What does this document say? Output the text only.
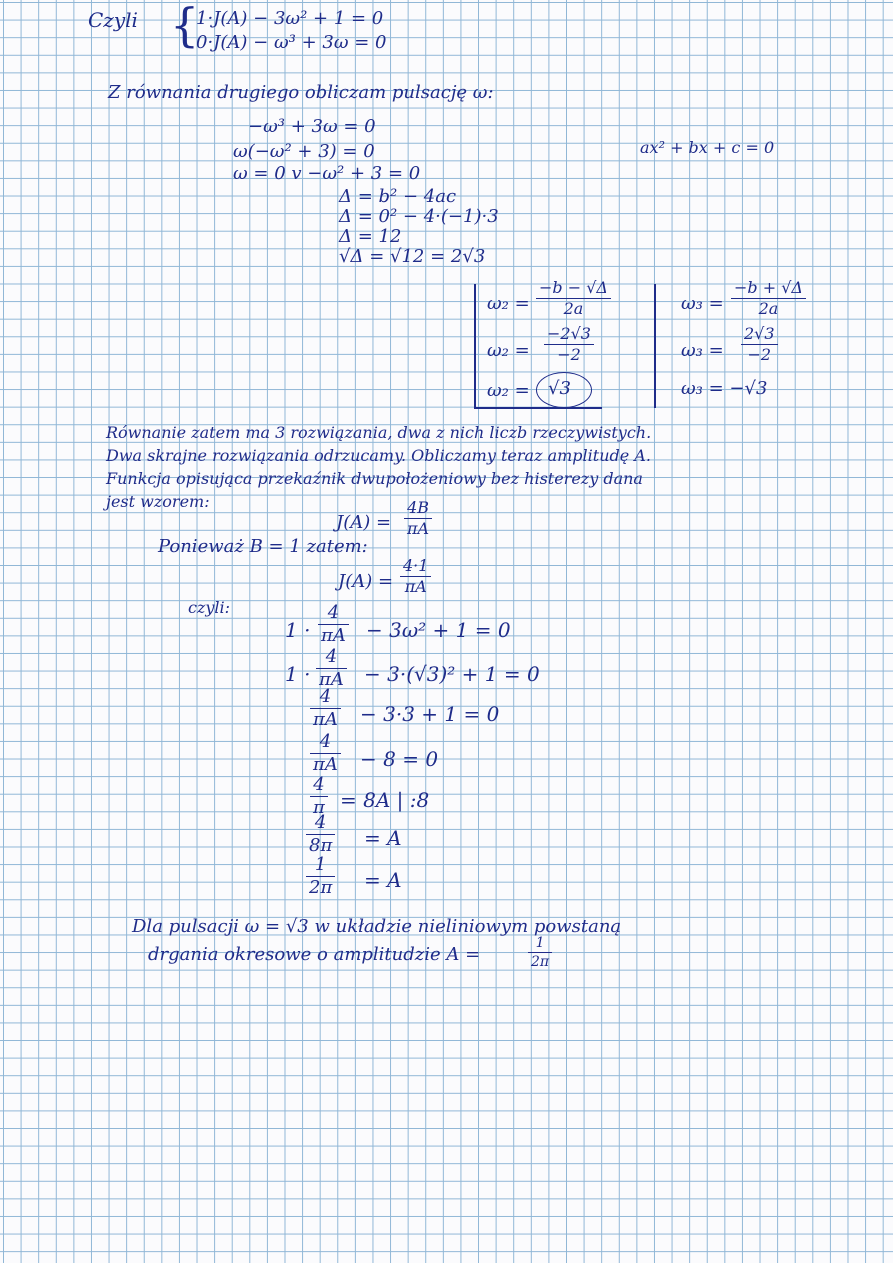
Czyli {
1·J(A) − 3ω² + 1 = 0
0·J(A) − ω³ + 3ω = 0
Z równania drugiego obliczam pulsację ω:
−ω³ + 3ω = 0
ω(−ω² + 3) = 0
ω = 0 v −ω² + 3 = 0
Δ = b² − 4ac
Δ = 0² − 4·(−1)·3
Δ = 12
√Δ = √12 = 2√3
ax² + bx + c = 0
$\omega_2 = \frac{-b - √\Delta}{2a}$
$\omega_2 = \frac{-2√3}{-2}$
ω₂ = √3
$\omega_3 = \frac{-b + √\Delta}{2a}$
$\omega_3 = \frac{2√3}{-2}$
ω₃ = −√3
Równanie zatem ma 3 rozwiązania, dwa z nich liczb rzeczywistych.
Dwa skrajne rozwiązania odrzucamy. Obliczamy teraz amplitudę A.
Funkcja opisująca przekaźnik dwupołożeniowy bez histerezy dana
jest wzorem:
$J(A) = \frac{4B}{\pi A}$
Ponieważ B = 1 zatem:
$J(A) = \frac{4\cdot 1}{\pi A}$
czyli:
$1 \cdot \frac{4}{\pi A} - 3\omega^2 + 1 = 0$
$1 \cdot \frac{4}{\pi A} - 3\cdot(√3)^2 + 1 = 0$
$\frac{4}{\pi A} - 3\cdot 3 + 1 = 0$
$\frac{4}{\pi A} - 8 = 0$
$\frac{4}{\pi} = 8A$ | :8
$\frac{4}{8\pi} = A$
$\frac{1}{2\pi} = A$
Dla pulsacji ω = √3 w układzie nieliniowym powstaną
drgania okresowe o amplitudzie A =	$\frac{1}{2\pi}$
